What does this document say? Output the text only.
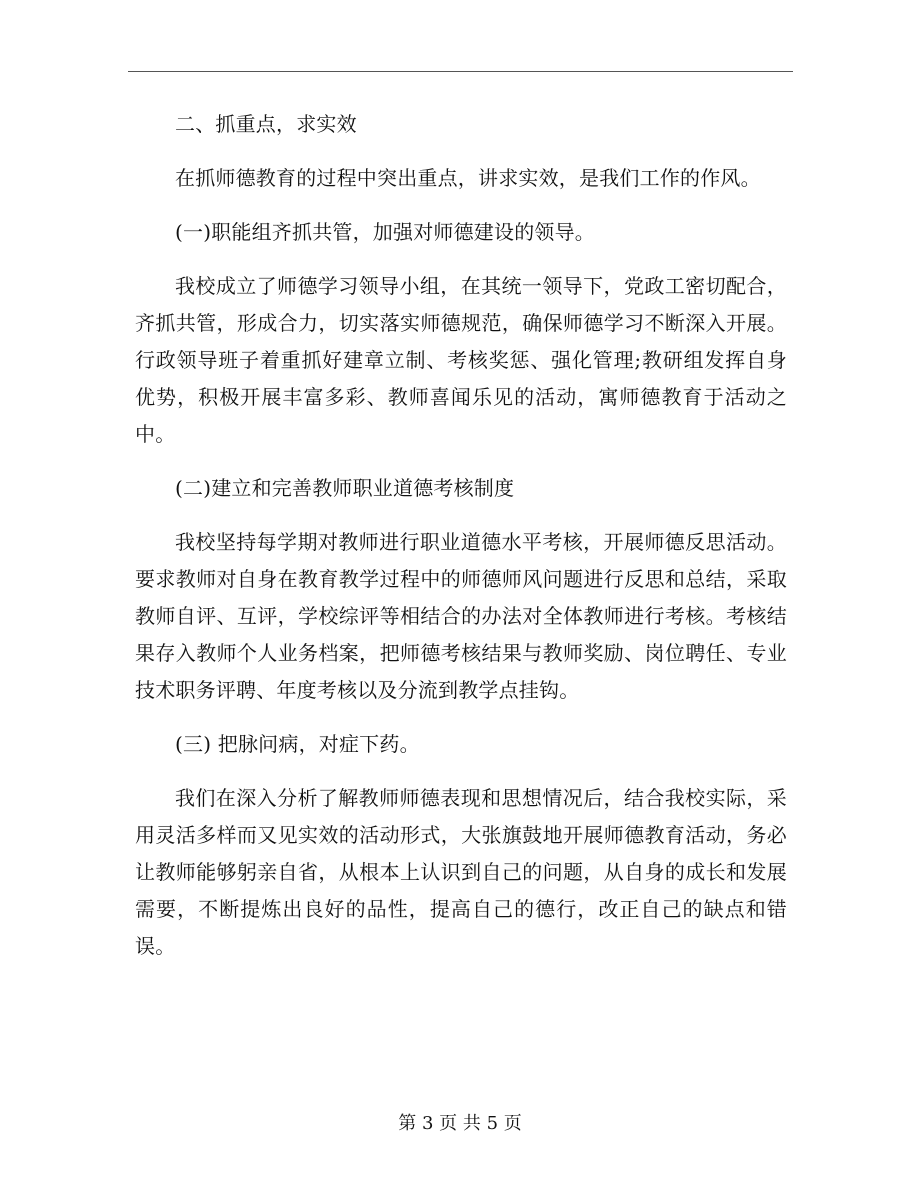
二、抓重点，求实效

在抓师德教育的过程中突出重点，讲求实效，是我们工作的作风。

(一)职能组齐抓共管，加强对师德建设的领导。

我校成立了师德学习领导小组，在其统一领导下，党政工密切配合，齐抓共管，形成合力，切实落实师德规范，确保师德学习不断深入开展。行政领导班子着重抓好建章立制、考核奖惩、强化管理;教研组发挥自身优势，积极开展丰富多彩、教师喜闻乐见的活动，寓师德教育于活动之中。

(二)建立和完善教师职业道德考核制度

我校坚持每学期对教师进行职业道德水平考核，开展师德反思活动。要求教师对自身在教育教学过程中的师德师风问题进行反思和总结，采取教师自评、互评，学校综评等相结合的办法对全体教师进行考核。考核结果存入教师个人业务档案，把师德考核结果与教师奖励、岗位聘任、专业技术职务评聘、年度考核以及分流到教学点挂钩。

(三) 把脉问病，对症下药。

我们在深入分析了解教师师德表现和思想情况后，结合我校实际，采用灵活多样而又见实效的活动形式，大张旗鼓地开展师德教育活动，务必让教师能够躬亲自省，从根本上认识到自己的问题，从自身的成长和发展需要，不断提炼出良好的品性，提高自己的德行，改正自己的缺点和错误。

第 3 页 共 5 页
